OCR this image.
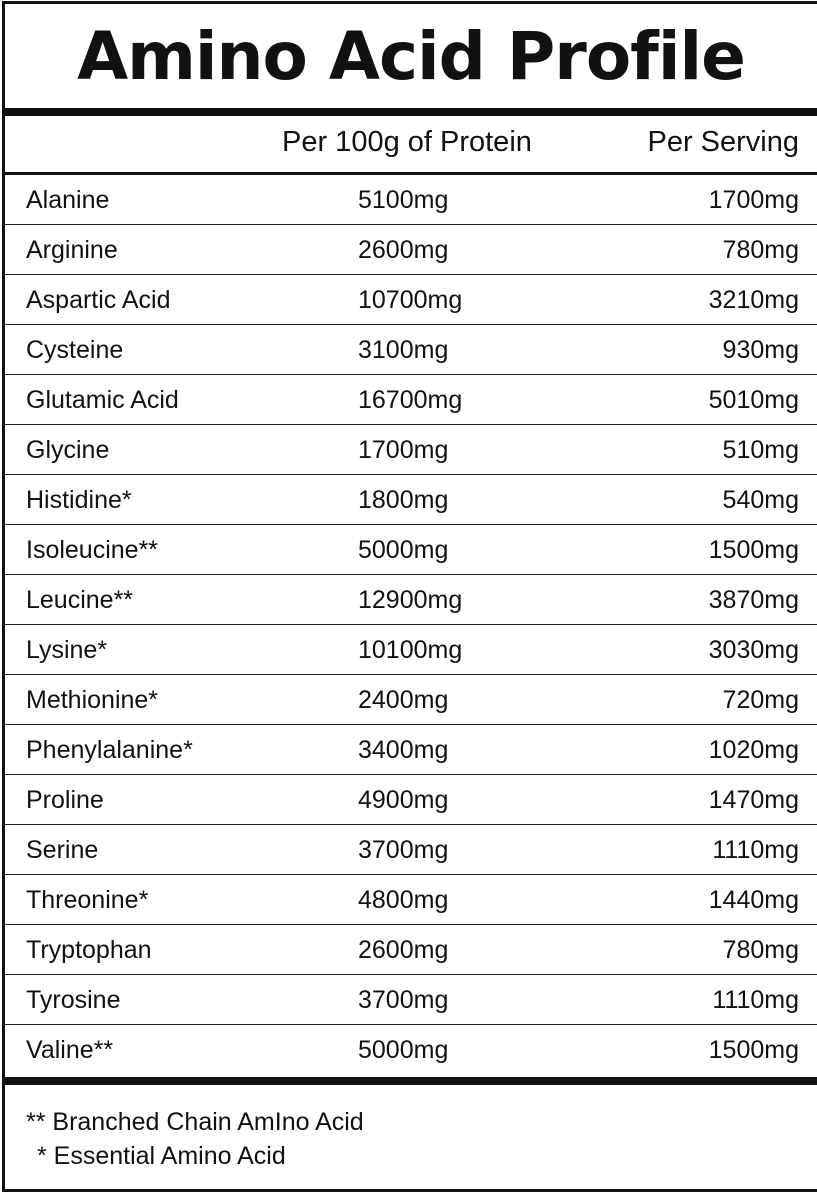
Amino Acid Profile
Per 100g of Protein	Per Serving
Alanine	5100mg	1700mg
Arginine	2600mg	780mg
Aspartic Acid	10700mg	3210mg
Cysteine	3100mg	930mg
Glutamic Acid	16700mg	5010mg
Glycine	1700mg	510mg
Histidine*	1800mg	540mg
Isoleucine**	5000mg	1500mg
Leucine**	12900mg	3870mg
Lysine*	10100mg	3030mg
Methionine*	2400mg	720mg
Phenylalanine*	3400mg	1020mg
Proline	4900mg	1470mg
Serine	3700mg	1110mg
Threonine*	4800mg	1440mg
Tryptophan	2600mg	780mg
Tyrosine	3700mg	1110mg
Valine**	5000mg	1500mg
** Branched Chain AmIno Acid
* Essential Amino Acid
